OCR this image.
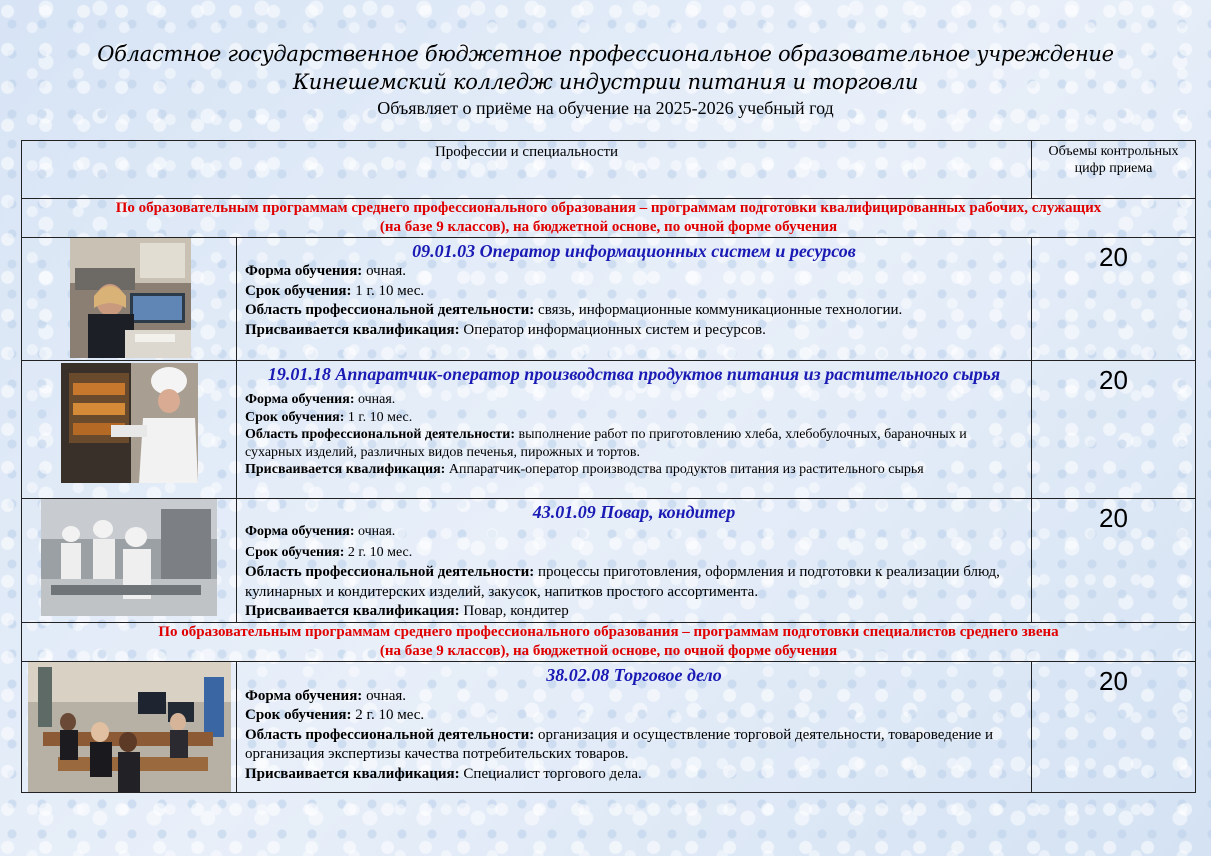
Областное государственное бюджетное профессиональное образовательное учреждение
Кинешемский колледж индустрии питания и торговли
Объявляет о приёме на обучение на 2025-2026 учебный год
Профессии и специальности		Объемы контрольных цифр приема

По образовательным программам среднего профессионального образования – программам подготовки квалифицированных рабочих, служащих
(на базе 9 классов), на бюджетной основе, по очной форме обучения		

09.01.03 Оператор информационных систем и ресурсов
Форма обучения: очная.
Срок обучения: 1 г. 10 мес.
Область профессиональной деятельности: связь, информационные коммуникационные технологии.
Присваивается квалификация: Оператор информационных систем и ресурсов.	20

19.01.18 Аппаратчик-оператор производства продуктов питания из растительного сырья
Форма обучения: очная.
Срок обучения: 1 г. 10 мес.
Область профессиональной деятельности: выполнение работ по приготовлению хлеба, хлебобулочных, бараночных и сухарных изделий, различных видов печенья, пирожных и тортов.
Присваивается квалификация: Аппаратчик-оператор производства продуктов питания из растительного сырья	20

43.01.09 Повар, кондитер
Форма обучения: очная.
Срок обучения: 2 г. 10 мес.
Область профессиональной деятельности: процессы приготовления, оформления и подготовки к реализации блюд, кулинарных и кондитерских изделий, закусок, напитков простого ассортимента.
Присваивается квалификация: Повар, кондитер	20

По образовательным программам среднего профессионального образования – программам подготовки специалистов среднего звена
(на базе 9 классов), на бюджетной основе, по очной форме обучения		

38.02.08 Торговое дело
Форма обучения: очная.
Срок обучения: 2 г. 10 мес.
Область профессиональной деятельности: организация и осуществление торговой деятельности, товароведение и организация экспертизы качества потребительских товаров.
Присваивается квалификация: Специалист торгового дела.	20
